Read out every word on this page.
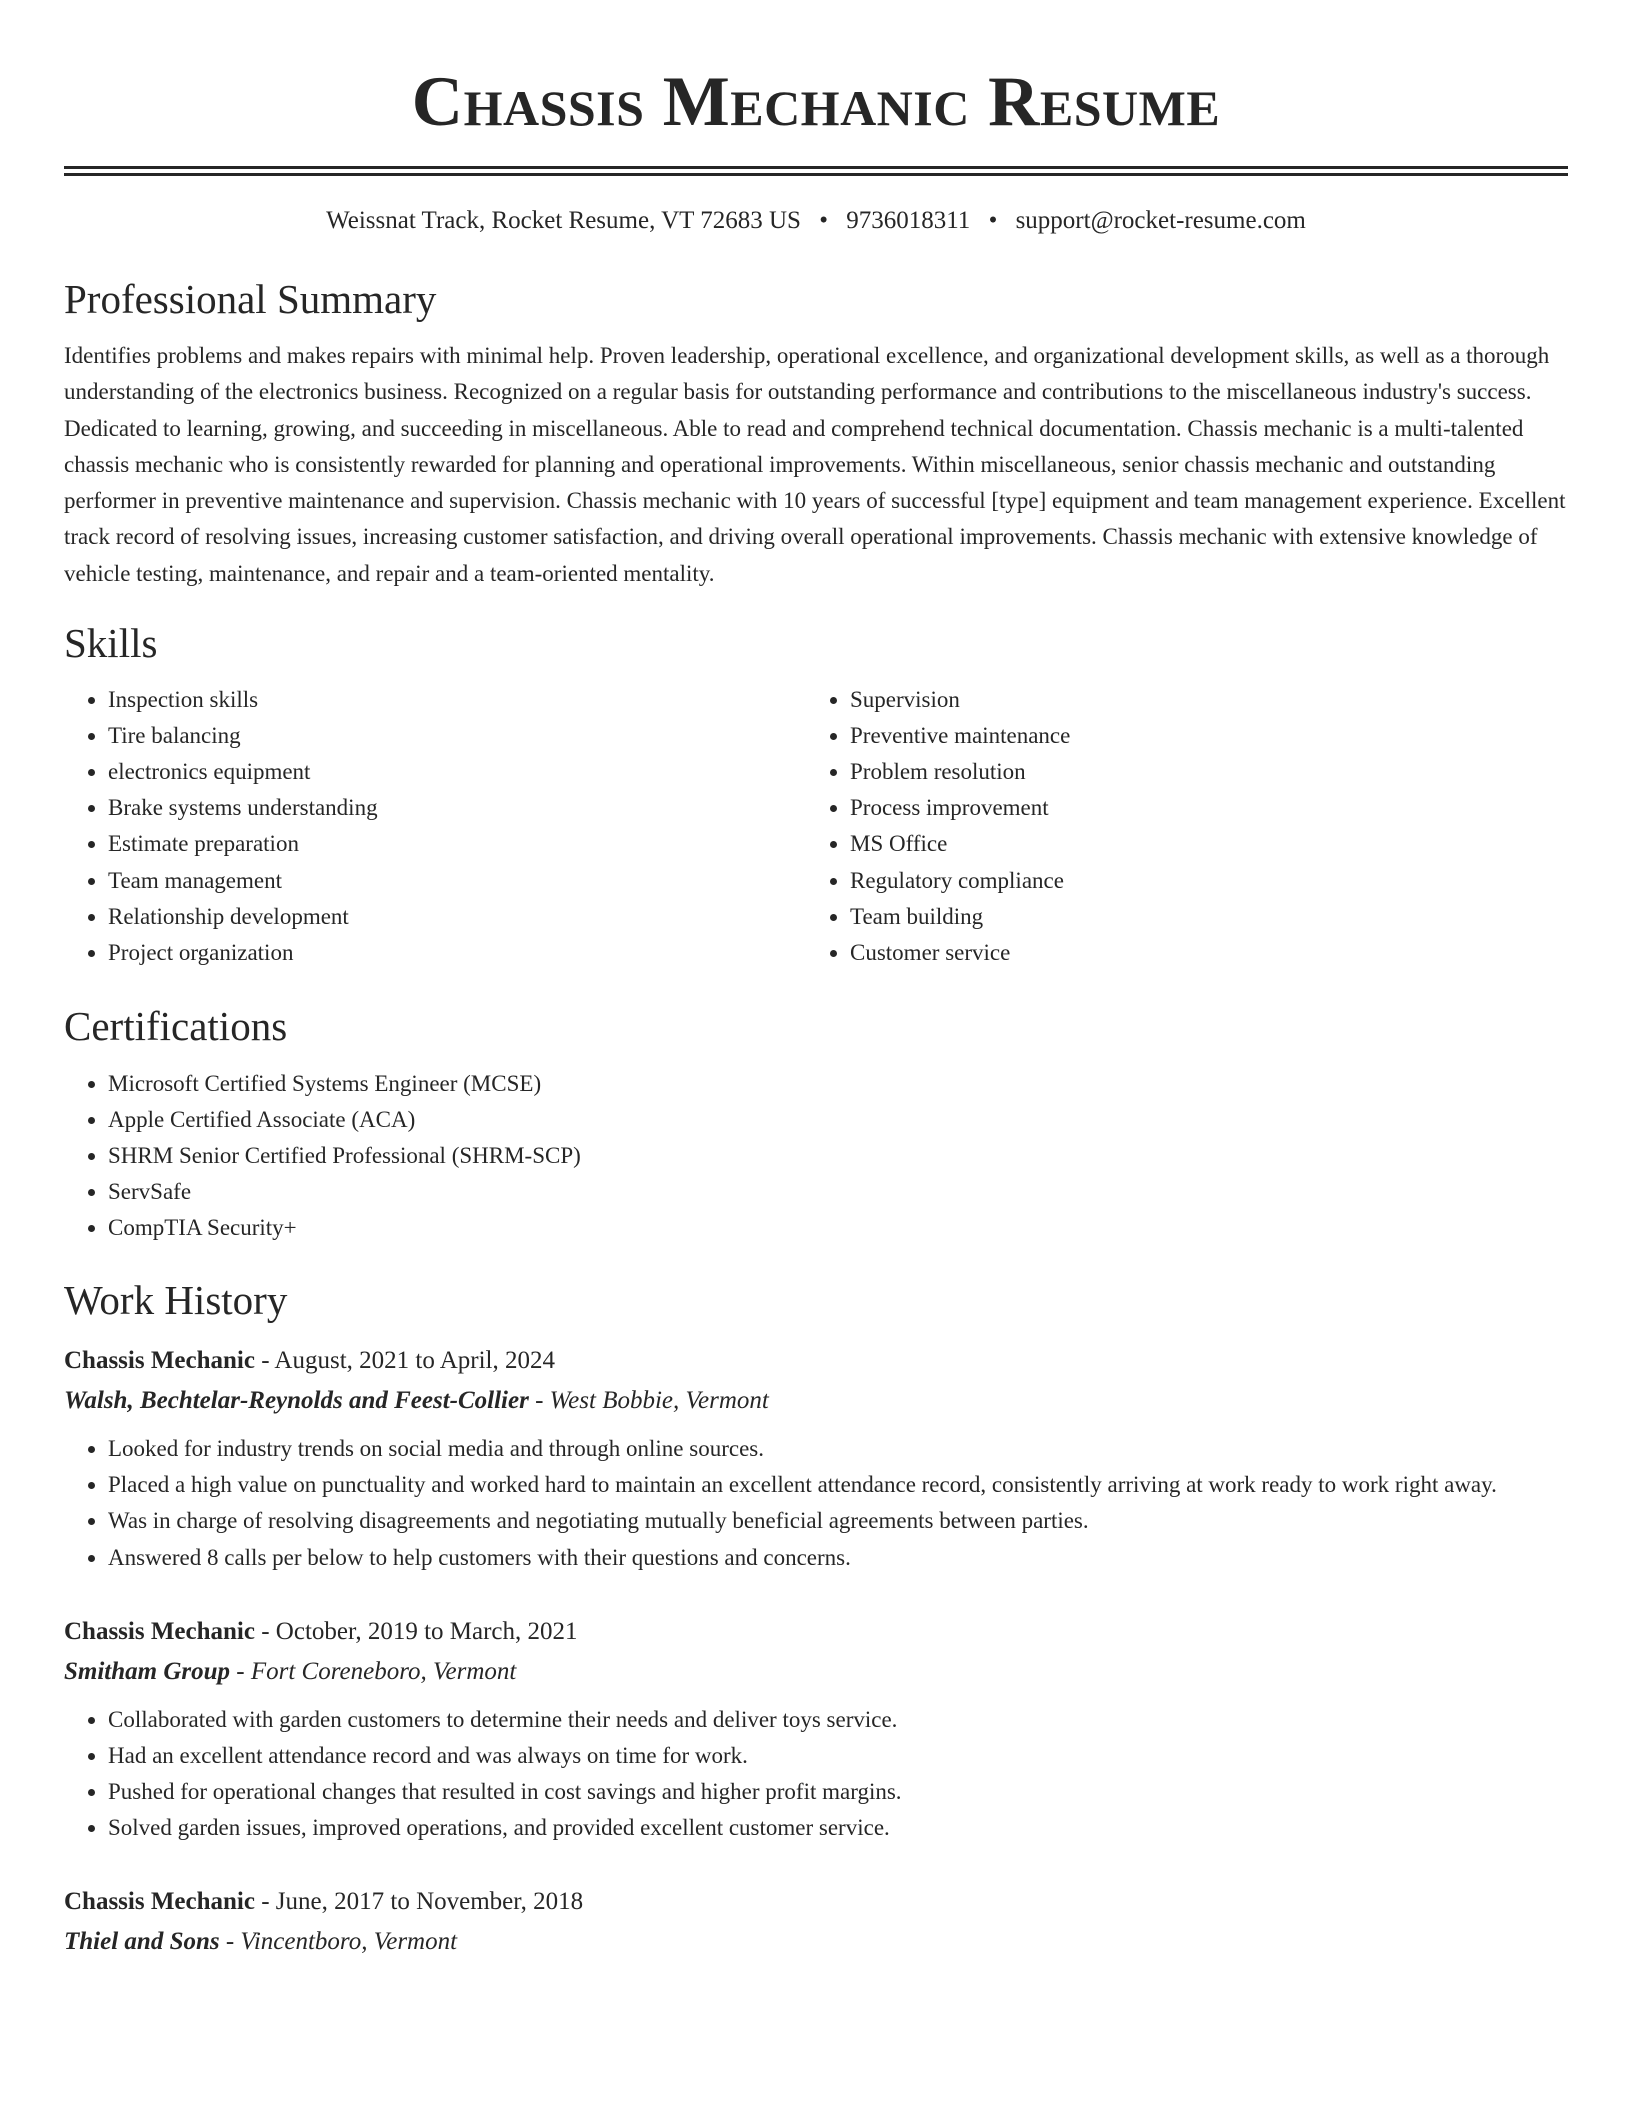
Chassis Mechanic Resume
Weissnat Track, Rocket Resume, VT 72683 US • 9736018311 • support@rocket-resume.com
Professional Summary

Identifies problems and makes repairs with minimal help. Proven leadership, operational excellence, and organizational development skills, as well as a thorough understanding of the electronics business. Recognized on a regular basis for outstanding performance and contributions to the miscellaneous industry's success. Dedicated to learning, growing, and succeeding in miscellaneous. Able to read and comprehend technical documentation. Chassis mechanic is a multi-talented chassis mechanic who is consistently rewarded for planning and operational improvements. Within miscellaneous, senior chassis mechanic and outstanding performer in preventive maintenance and supervision. Chassis mechanic with 10 years of successful [type] equipment and team management experience. Excellent track record of resolving issues, increasing customer satisfaction, and driving overall operational improvements. Chassis mechanic with extensive knowledge of vehicle testing, maintenance, and repair and a team-oriented mentality.

Skills
• Inspection skills
• Tire balancing
• electronics equipment
• Brake systems understanding
• Estimate preparation
• Team management
• Relationship development
• Project organization
• Supervision
• Preventive maintenance
• Problem resolution
• Process improvement
• MS Office
• Regulatory compliance
• Team building
• Customer service
Certifications
• Microsoft Certified Systems Engineer (MCSE)
• Apple Certified Associate (ACA)
• SHRM Senior Certified Professional (SHRM-SCP)
• ServSafe
• CompTIA Security+
Work History
Chassis Mechanic - August, 2021 to April, 2024
Walsh, Bechtelar-Reynolds and Feest-Collier - West Bobbie, Vermont
• Looked for industry trends on social media and through online sources.
• Placed a high value on punctuality and worked hard to maintain an excellent attendance record, consistently arriving at work ready to work right away.
• Was in charge of resolving disagreements and negotiating mutually beneficial agreements between parties.
• Answered 8 calls per below to help customers with their questions and concerns.
Chassis Mechanic - October, 2019 to March, 2021
Smitham Group - Fort Coreneboro, Vermont
• Collaborated with garden customers to determine their needs and deliver toys service.
• Had an excellent attendance record and was always on time for work.
• Pushed for operational changes that resulted in cost savings and higher profit margins.
• Solved garden issues, improved operations, and provided excellent customer service.
Chassis Mechanic - June, 2017 to November, 2018
Thiel and Sons - Vincentboro, Vermont
